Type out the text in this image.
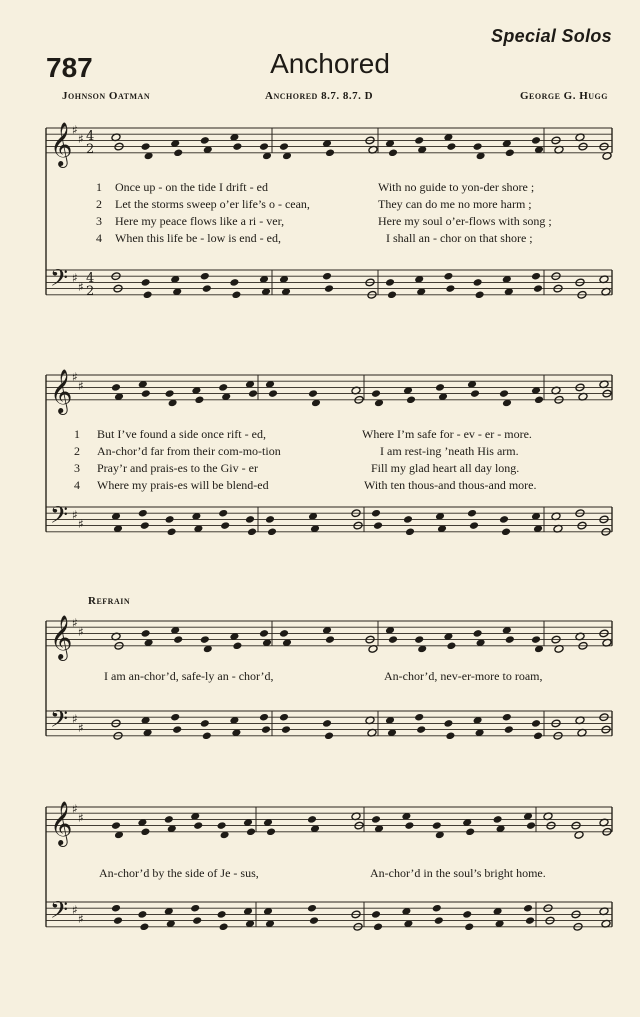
Special Solos
787	Anchored
Johnson Oatman	Anchored 8.7. 8.7. D	George G. Hugg
𝄞
𝄢
♯
♯
♯
♯
4
2
4
2
𝄞
𝄢
♯
♯
♯
♯
𝄞
𝄢
♯
♯
♯
♯
𝄞
𝄢
♯
♯
♯
♯
1 Once up - on the tide I drift - ed	With no guide to yon-der shore ;
2 Let the storms sweep o’er life’s o - cean,	They can do me no more harm ;
3 Here my peace flows like a ri - ver,	Here my soul o’er-flows with song ;
4 When this life be - low is end - ed,	I shall an - chor on that shore ;
1 But I’ve found a side once rift - ed,	Where I’m safe for - ev - er - more.
2 An-chor’d far from their com-mo-tion	I am rest-ing ’neath His arm.
3 Pray’r and prais-es to the Giv - er	Fill my glad heart all day long.
4 Where my prais-es will be blend-ed	With ten thous-and thous-and more.
Refrain
I am an-chor’d, safe-ly an - chor’d,	An-chor’d, nev-er-more to roam,
An-chor’d by the side of Je - sus,	An-chor’d in the soul’s bright home.
